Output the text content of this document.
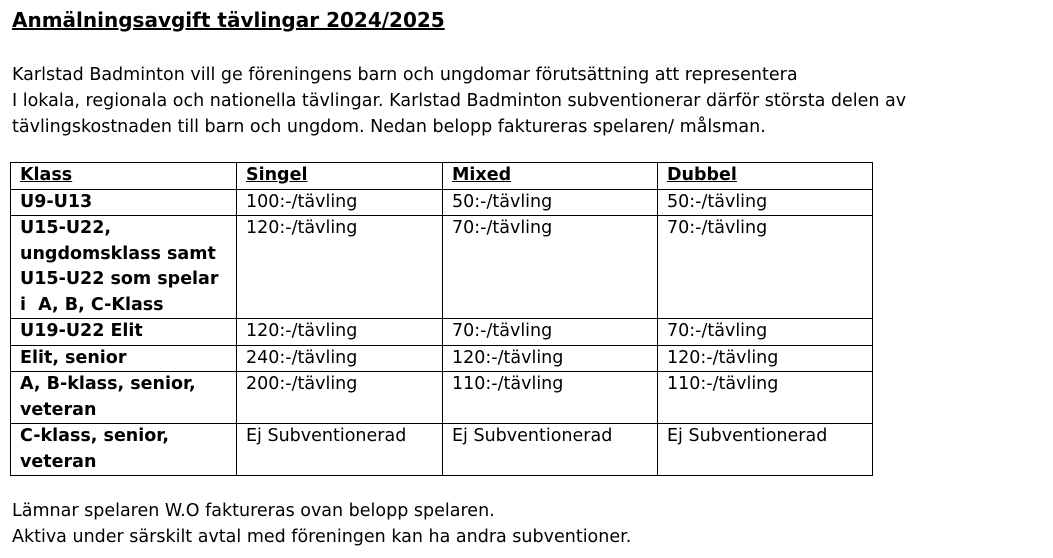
Anmälningsavgift tävlingar 2024/2025
Karlstad Badminton vill ge föreningens barn och ungdomar förutsättning att representera
I lokala, regionala och nationella tävlingar. Karlstad Badminton subventionerar därför största delen av
tävlingskostnaden till barn och ungdom. Nedan belopp faktureras spelaren/ målsman.
Klass	Singel	Mixed	Dubbel

U9-U13	100:-/tävling	50:-/tävling	50:-/tävling

U15-U22,
ungdomsklass samt
U15-U22 som spelar
i  A, B, C-Klass	120:-/tävling	70:-/tävling	70:-/tävling

U19-U22 Elit	120:-/tävling	70:-/tävling	70:-/tävling

Elit, senior	240:-/tävling	120:-/tävling	120:-/tävling

A, B-klass, senior,
veteran	200:-/tävling	110:-/tävling	110:-/tävling

C-klass, senior,
veteran	Ej Subventionerad	Ej Subventionerad	Ej Subventionerad
Lämnar spelaren W.O faktureras ovan belopp spelaren.
Aktiva under särskilt avtal med föreningen kan ha andra subventioner.
